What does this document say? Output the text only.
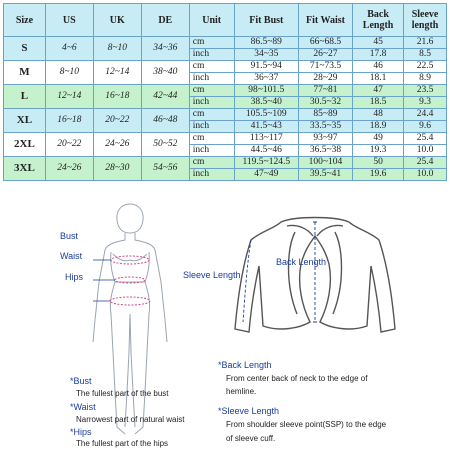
Size	US	UK	DE	Unit	Fit Bust	Fit Waist	Back Length	Sleeve length
S	4~6	8~10	34~36	cm	86.5~89	66~68.5	45	21.6
				inch	34~35	26~27	17.8	8.5
M	8~10	12~14	38~40	cm	91.5~94	71~73.5	46	22.5
				inch	36~37	28~29	18.1	8.9
L	12~14	16~18	42~44	cm	98~101.5	77~81	47	23.5
				inch	38.5~40	30.5~32	18.5	9.3
XL	16~18	20~22	46~48	cm	105.5~109	85~89	48	24.4
				inch	41.5~43	33.5~35	18.9	9.6
2XL	20~22	24~26	50~52	cm	113~117	93~97	49	25.4
				inch	44.5~46	36.5~38	19.3	10.0
3XL	24~26	28~30	54~56	cm	119.5~124.5	100~104	50	25.4
				inch	47~49	39.5~41	19.6	10.0
Bust
Waist
Hips
Back Length
Sleeve Length
*Bust
The fullest part of the bust
*Waist
Narrowest part of natural waist
*Hips
The fullest part of the hips
*Back Length
From center back of neck to the edge of
hemline.
*Sleeve Length
From shoulder sleeve point(SSP) to the edge
of sleeve cuff.
